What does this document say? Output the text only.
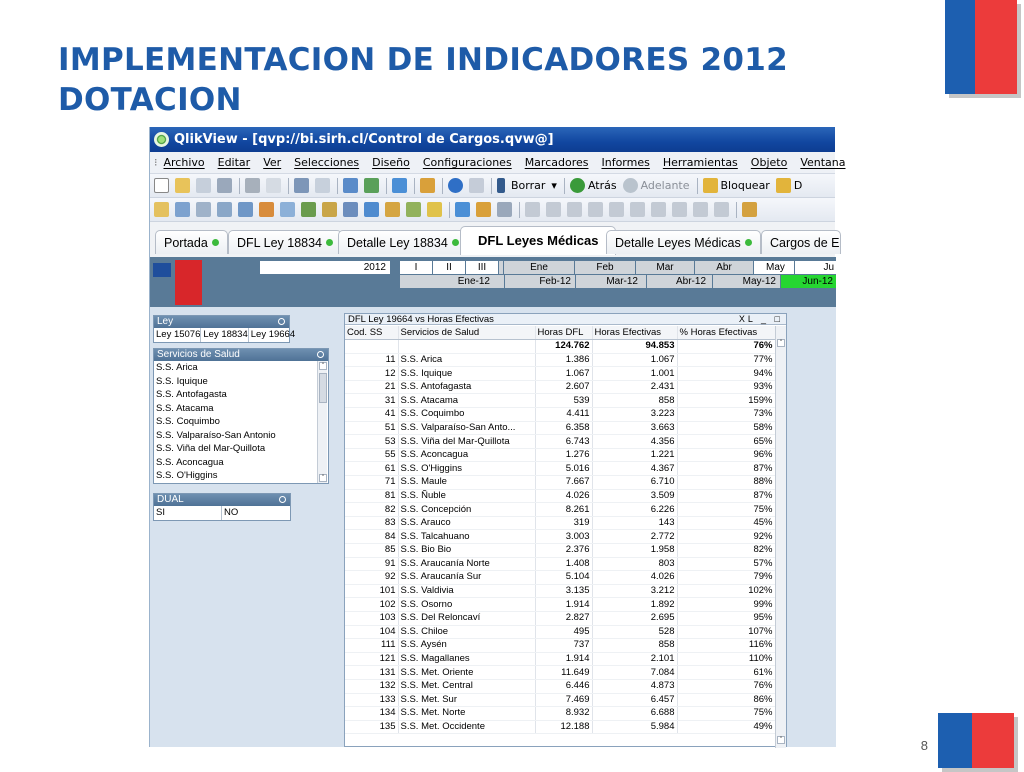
IMPLEMENTACION DE INDICADORES 2012
DOTACION
8
QlikView - [qvp://bi.sirh.cl/Control de Cargos.qvw@]
⁝ Archivo Editar Ver Selecciones Diseño Configuraciones Marcadores Informes Herramientas Objeto Ventana
Borrar ▾	Atrás Adelante	Bloquear D
Portada DFL Ley 18834 Detalle Ley 18834 DFL Leyes Médicas Detalle Leyes Médicas Cargos de E
2012	I	II	III	Ene	Feb	Mar	Abr	May	Ju
Ene-12	Feb-12	Mar-12	Abr-12	May-12	Jun-12
Ley
Ley 15076 Ley 18834 Ley 19664
Servicios de Salud
S.S. Arica
S.S. Iquique
S.S. Antofagasta
S.S. Atacama
S.S. Coquimbo
S.S. Valparaíso-San Antonio
S.S. Viña del Mar-Quillota
S.S. Aconcagua
S.S. O'Higgins
˄
˅
DUAL
SI	NO
DFL Ley 19664 vs Horas Efectivas	XL _ □
Cod. SS	Servicios de Salud	Horas DFL	Horas Efectivas	% Horas Efectivas
		124.762	94.853	76%
11	S.S. Arica	1.386	1.067	77%
12	S.S. Iquique	1.067	1.001	94%
21	S.S. Antofagasta	2.607	2.431	93%
31	S.S. Atacama	539	858	159%
41	S.S. Coquimbo	4.411	3.223	73%
51	S.S. Valparaíso-San Anto...	6.358	3.663	58%
53	S.S. Viña del Mar-Quillota	6.743	4.356	65%
55	S.S. Aconcagua	1.276	1.221	96%
61	S.S. O'Higgins	5.016	4.367	87%
71	S.S. Maule	7.667	6.710	88%
81	S.S. Ñuble	4.026	3.509	87%
82	S.S. Concepción	8.261	6.226	75%
83	S.S. Arauco	319	143	45%
84	S.S. Talcahuano	3.003	2.772	92%
85	S.S. Bio Bio	2.376	1.958	82%
91	S.S. Araucanía Norte	1.408	803	57%
92	S.S. Araucanía Sur	5.104	4.026	79%
101	S.S. Valdivia	3.135	3.212	102%
102	S.S. Osorno	1.914	1.892	99%
103	S.S. Del Reloncaví	2.827	2.695	95%
104	S.S. Chiloe	495	528	107%
111	S.S. Aysén	737	858	116%
121	S.S. Magallanes	1.914	2.101	110%
131	S.S. Met. Oriente	11.649	7.084	61%
132	S.S. Met. Central	6.446	4.873	76%
133	S.S. Met. Sur	7.469	6.457	86%
134	S.S. Met. Norte	8.932	6.688	75%
135	S.S. Met. Occidente	12.188	5.984	49%
˄
˅
